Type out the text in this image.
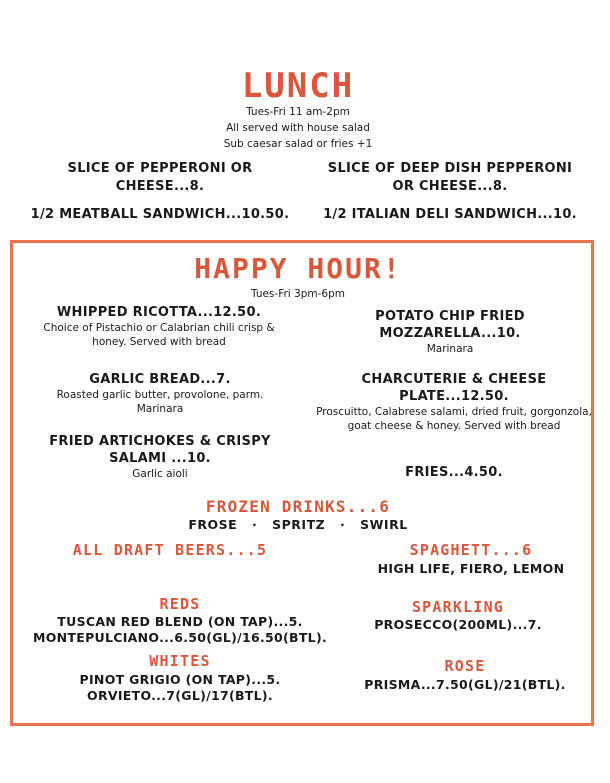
LUNCH
Tues-Fri 11 am-2pm
All served with house salad
Sub caesar salad or fries +1
SLICE OF PEPPERONI OR CHEESE...8.
SLICE OF DEEP DISH PEPPERONI OR CHEESE...8.
1/2 MEATBALL SANDWICH...10.50.	1/2 ITALIAN DELI SANDWICH...10.
HAPPY HOUR!
Tues-Fri 3pm-6pm
WHIPPED RICOTTA...12.50.
Choice of Pistachio or Calabrian chili crisp & honey. Served with bread
GARLIC BREAD...7.
Roasted garlic butter, provolone, parm. Marinara
FRIED ARTICHOKES & CRISPY SALAMI ...10.
Garlic aioli
POTATO CHIP FRIED MOZZARELLA...10.
Marinara
CHARCUTERIE & CHEESE PLATE...12.50.
Proscuitto, Calabrese salami, dried fruit, gorgonzola, goat cheese & honey. Served with bread
FRIES...4.50.
FROZEN DRINKS...6
FROSE · SPRITZ · SWIRL
ALL DRAFT BEERS...5	SPAGHETT...6
HIGH LIFE, FIERO, LEMON
REDS
TUSCAN RED BLEND (ON TAP)...5.
MONTEPULCIANO...6.50(GL)/16.50(BTL).
SPARKLING
PROSECCO(200ML)...7.
WHITES
PINOT GRIGIO (ON TAP)...5.
ORVIETO...7(GL)/17(BTL).
ROSE
PRISMA...7.50(GL)/21(BTL).
